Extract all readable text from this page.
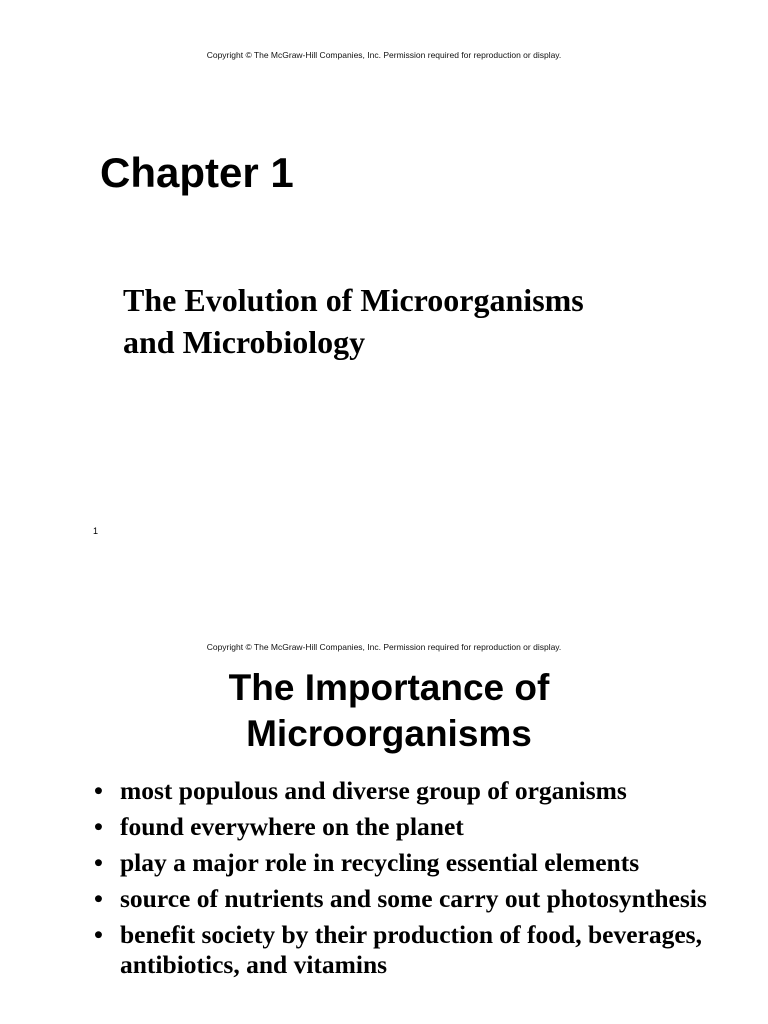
Copyright © The McGraw-Hill Companies, Inc. Permission required for reproduction or display.
Chapter 1
The Evolution of Microorganisms
and Microbiology
1
Copyright © The McGraw-Hill Companies, Inc. Permission required for reproduction or display.
The Importance of
Microorganisms
• most populous and diverse group of organisms
• found everywhere on the planet
• play a major role in recycling essential elements
• source of nutrients and some carry out photosynthesis
• benefit society by their production of food, beverages, antibiotics, and vitamins
